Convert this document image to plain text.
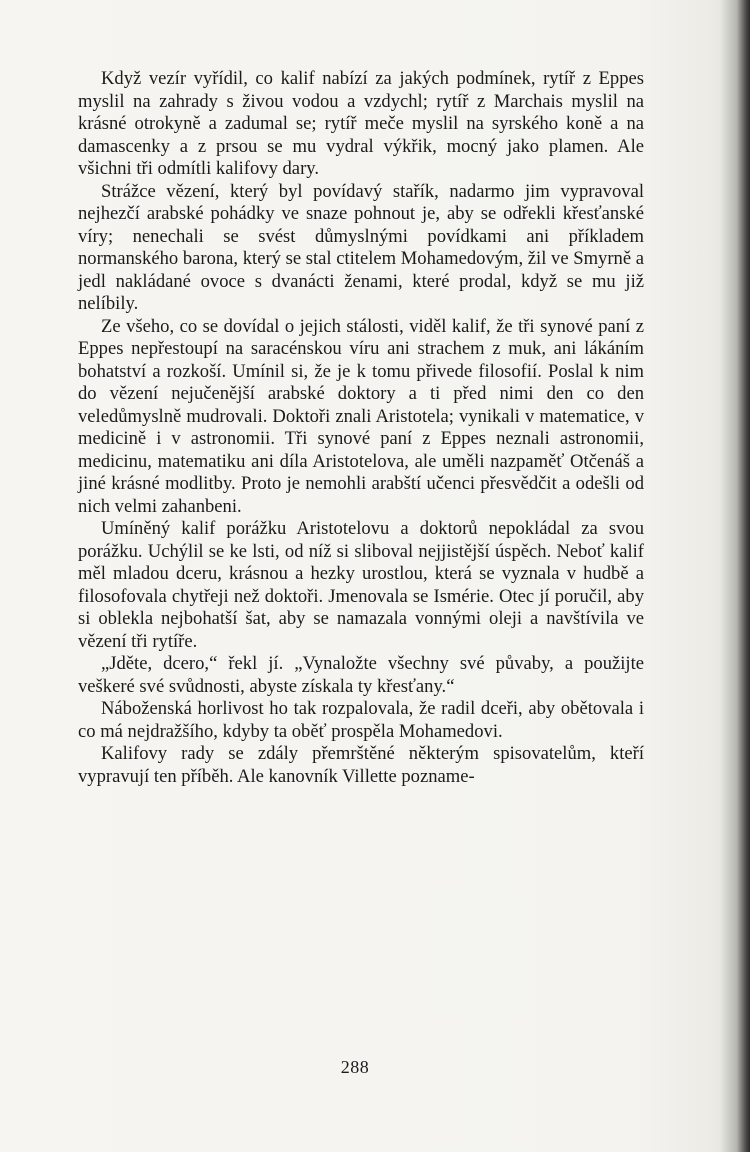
Když vezír vyřídil, co kalif nabízí za jakých podmínek, rytíř z Eppes myslil na zahrady s živou vodou a vzdychl; rytíř z Marchais myslil na krásné otrokyně a zadumal se; rytíř meče myslil na syrského koně a na damascenky a z prsou se mu vydral výkřik, mocný jako plamen. Ale všichni tři odmítli kalifovy dary.

Strážce vězení, který byl povídavý stařík, nadarmo jim vypravoval nejhezčí arabské pohádky ve snaze pohnout je, aby se odřekli křesťanské víry; nenechali se svést důmyslnými povídkami ani příkladem normanského barona, který se stal ctitelem Mohamedovým, žil ve Smyrně a jedl nakládané ovoce s dvanácti ženami, které prodal, když se mu již nelíbily.

Ze všeho, co se dovídal o jejich stálosti, viděl kalif, že tři synové paní z Eppes nepřestoupí na saracénskou víru ani strachem z muk, ani lákáním bohatství a rozkoší. Umínil si, že je k tomu přivede filosofií. Poslal k nim do vězení nejučenější arabské doktory a ti před nimi den co den veledůmyslně mudrovali. Doktoři znali Aristotela; vynikali v matematice, v medicině i v astronomii. Tři synové paní z Eppes neznali astronomii, medicinu, matematiku ani díla Aristotelova, ale uměli nazpaměť Otčenáš a jiné krásné modlitby. Proto je nemohli arabští učenci přesvědčit a odešli od nich velmi zahanbeni.

Umíněný kalif porážku Aristotelovu a doktorů nepokládal za svou porážku. Uchýlil se ke lsti, od níž si sliboval nejjistější úspěch. Neboť kalif měl mladou dceru, krásnou a hezky urostlou, která se vyznala v hudbě a filosofovala chytřeji než doktoři. Jmenovala se Ismérie. Otec jí poručil, aby si oblekla nejbohatší šat, aby se namazala vonnými oleji a navštívila ve vězení tři rytíře.

„Jděte, dcero,“ řekl jí. „Vynaložte všechny své půvaby, a použijte veškeré své svůdnosti, abyste získala ty křesťany.“

Náboženská horlivost ho tak rozpalovala, že radil dceři, aby obětovala i co má nejdražšího, kdyby ta oběť prospěla Mohamedovi.

Kalifovy rady se zdály přemrštěné některým spisovatelům, kteří vypravují ten příběh. Ale kanovník Villette pozname-

288
